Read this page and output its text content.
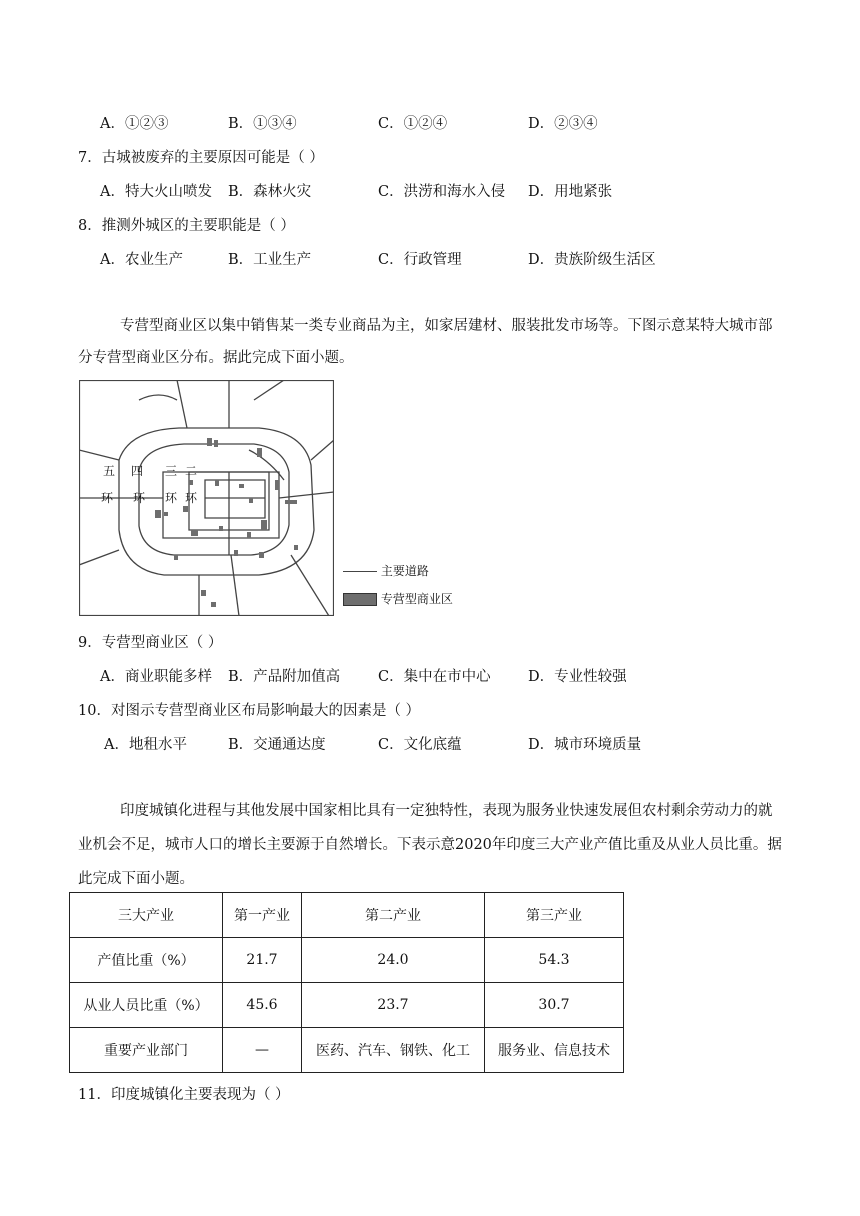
A．①②③	B．①③④	C．①②④	D．②③④
7．古城被废弃的主要原因可能是（ ）
A．特大火山喷发 B．森林火灾	C．洪涝和海水入侵 D．用地紧张
8．推测外城区的主要职能是（ ）
A．农业生产	B．工业生产	C．行政管理	D．贵族阶级生活区
专营型商业区以集中销售某一类专业商品为主，如家居建材、服装批发市场等。下图示意某特大城市部分专营型商业区分布。据此完成下面小题。
五 四 三 二
环 环 环 环
主要道路
专营型商业区
9．专营型商业区（ ）
A．商业职能多样 B．产品附加值高	C．集中在市中心	D．专业性较强
10．对图示专营型商业区布局影响最大的因素是（ ）
A．地租水平	B．交通通达度	C．文化底蕴	D．城市环境质量
印度城镇化进程与其他发展中国家相比具有一定独特性，表现为服务业快速发展但农村剩余劳动力的就业机会不足，城市人口的增长主要源于自然增长。下表示意2020年印度三大产业产值比重及从业人员比重。据此完成下面小题。
三大产业	第一产业	第二产业	第三产业
产值比重（%）	21.7	24.0	54.3
从业人员比重（%）	45.6	23.7	30.7
重要产业部门	—	医药、汽车、钢铁、化工	服务业、信息技术
11．印度城镇化主要表现为（ ）
